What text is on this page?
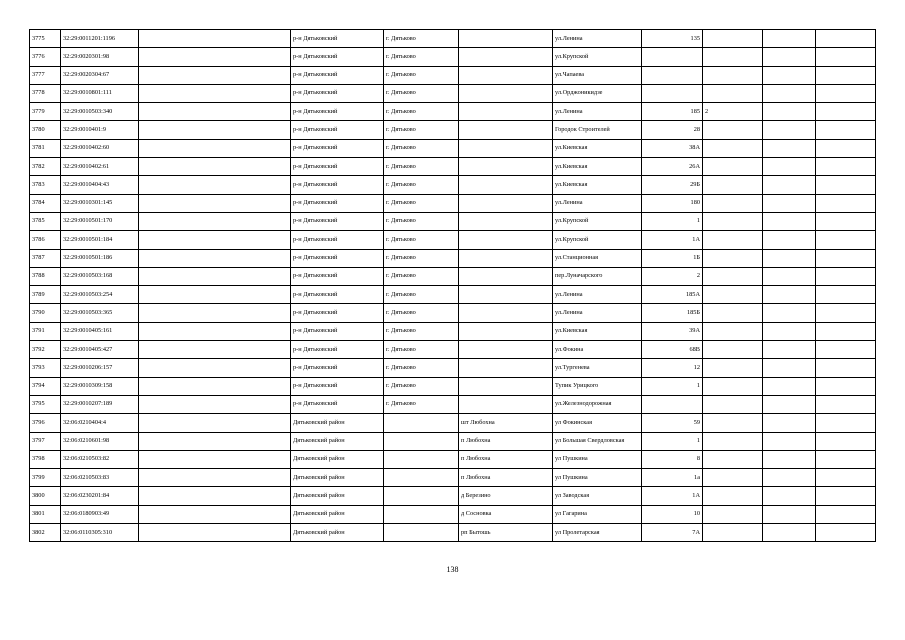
3775	32:29:0011201:1196		р-н Дятьковский	г. Дятьково		ул.Ленина	135			
3776	32:29:0020301:98		р-н Дятьковский	г. Дятьково		ул.Крупской				
3777	32:29:0020304:67		р-н Дятьковский	г. Дятьково		ул.Чапаева				
3778	32:29:0010801:111		р-н Дятьковский	г. Дятьково		ул.Орджоникидзе				
3779	32:29:0010503:340		р-н Дятьковский	г. Дятьково		ул.Ленина	185	2		
3780	32:29:0010401:9		р-н Дятьковский	г. Дятьково		Городок Строителей	28			
3781	32:29:0010402:60		р-н Дятьковский	г. Дятьково		ул.Киевская	38А			
3782	32:29:0010402:61		р-н Дятьковский	г. Дятьково		ул.Киевская	26А			
3783	32:29:0010404:43		р-н Дятьковский	г. Дятьково		ул.Киевская	29Б			
3784	32:29:0010301:145		р-н Дятьковский	г. Дятьково		ул.Ленина	180			
3785	32:29:0010501:170		р-н Дятьковский	г. Дятьково		ул.Крупской	1			
3786	32:29:0010501:184		р-н Дятьковский	г. Дятьково		ул.Крупской	1А			
3787	32:29:0010501:186		р-н Дятьковский	г. Дятьково		ул.Станционная	1Б			
3788	32:29:0010503:168		р-н Дятьковский	г. Дятьково		пер.Луначарского	2			
3789	32:29:0010503:254		р-н Дятьковский	г. Дятьково		ул.Ленина	185А			
3790	32:29:0010503:365		р-н Дятьковский	г. Дятьково		ул.Ленина	185Б			
3791	32:29:0010405:161		р-н Дятьковский	г. Дятьково		ул.Киевская	39А			
3792	32:29:0010405:427		р-н Дятьковский	г. Дятьково		ул.Фокина	68В			
3793	32:29:0010206:157		р-н Дятьковский	г. Дятьково		ул.Тургенева	12			
3794	32:29:0010309:158		р-н Дятьковский	г. Дятьково		Тупик Урицкого	1			
3795	32:29:0010207:189		р-н Дятьковский	г. Дятьково		ул.Железнодорожная				
3796	32:06:0210404:4		Дятьковский район		шт Любохна	ул Фокинская	59			
3797	32:06:0210601:98		Дятьковский район		п Любохна	ул Большая Свердловская	1			
3798	32:06:0210503:82		Дятьковский район		п Любохна	ул Пушкина	8			
3799	32:06:0210503:83		Дятьковский район		п Любохна	ул Пушкина	1а			
3800	32:06:0230201:84		Дятьковский район		д Березино	ул Заводская	1А			
3801	32:06:0180903:49		Дятьковский район		д Сосновка	ул Гагарина	10			
3802	32:06:0110305:310		Дятьковский район		рп Бытошь	ул Пролетарская	7А			
138
